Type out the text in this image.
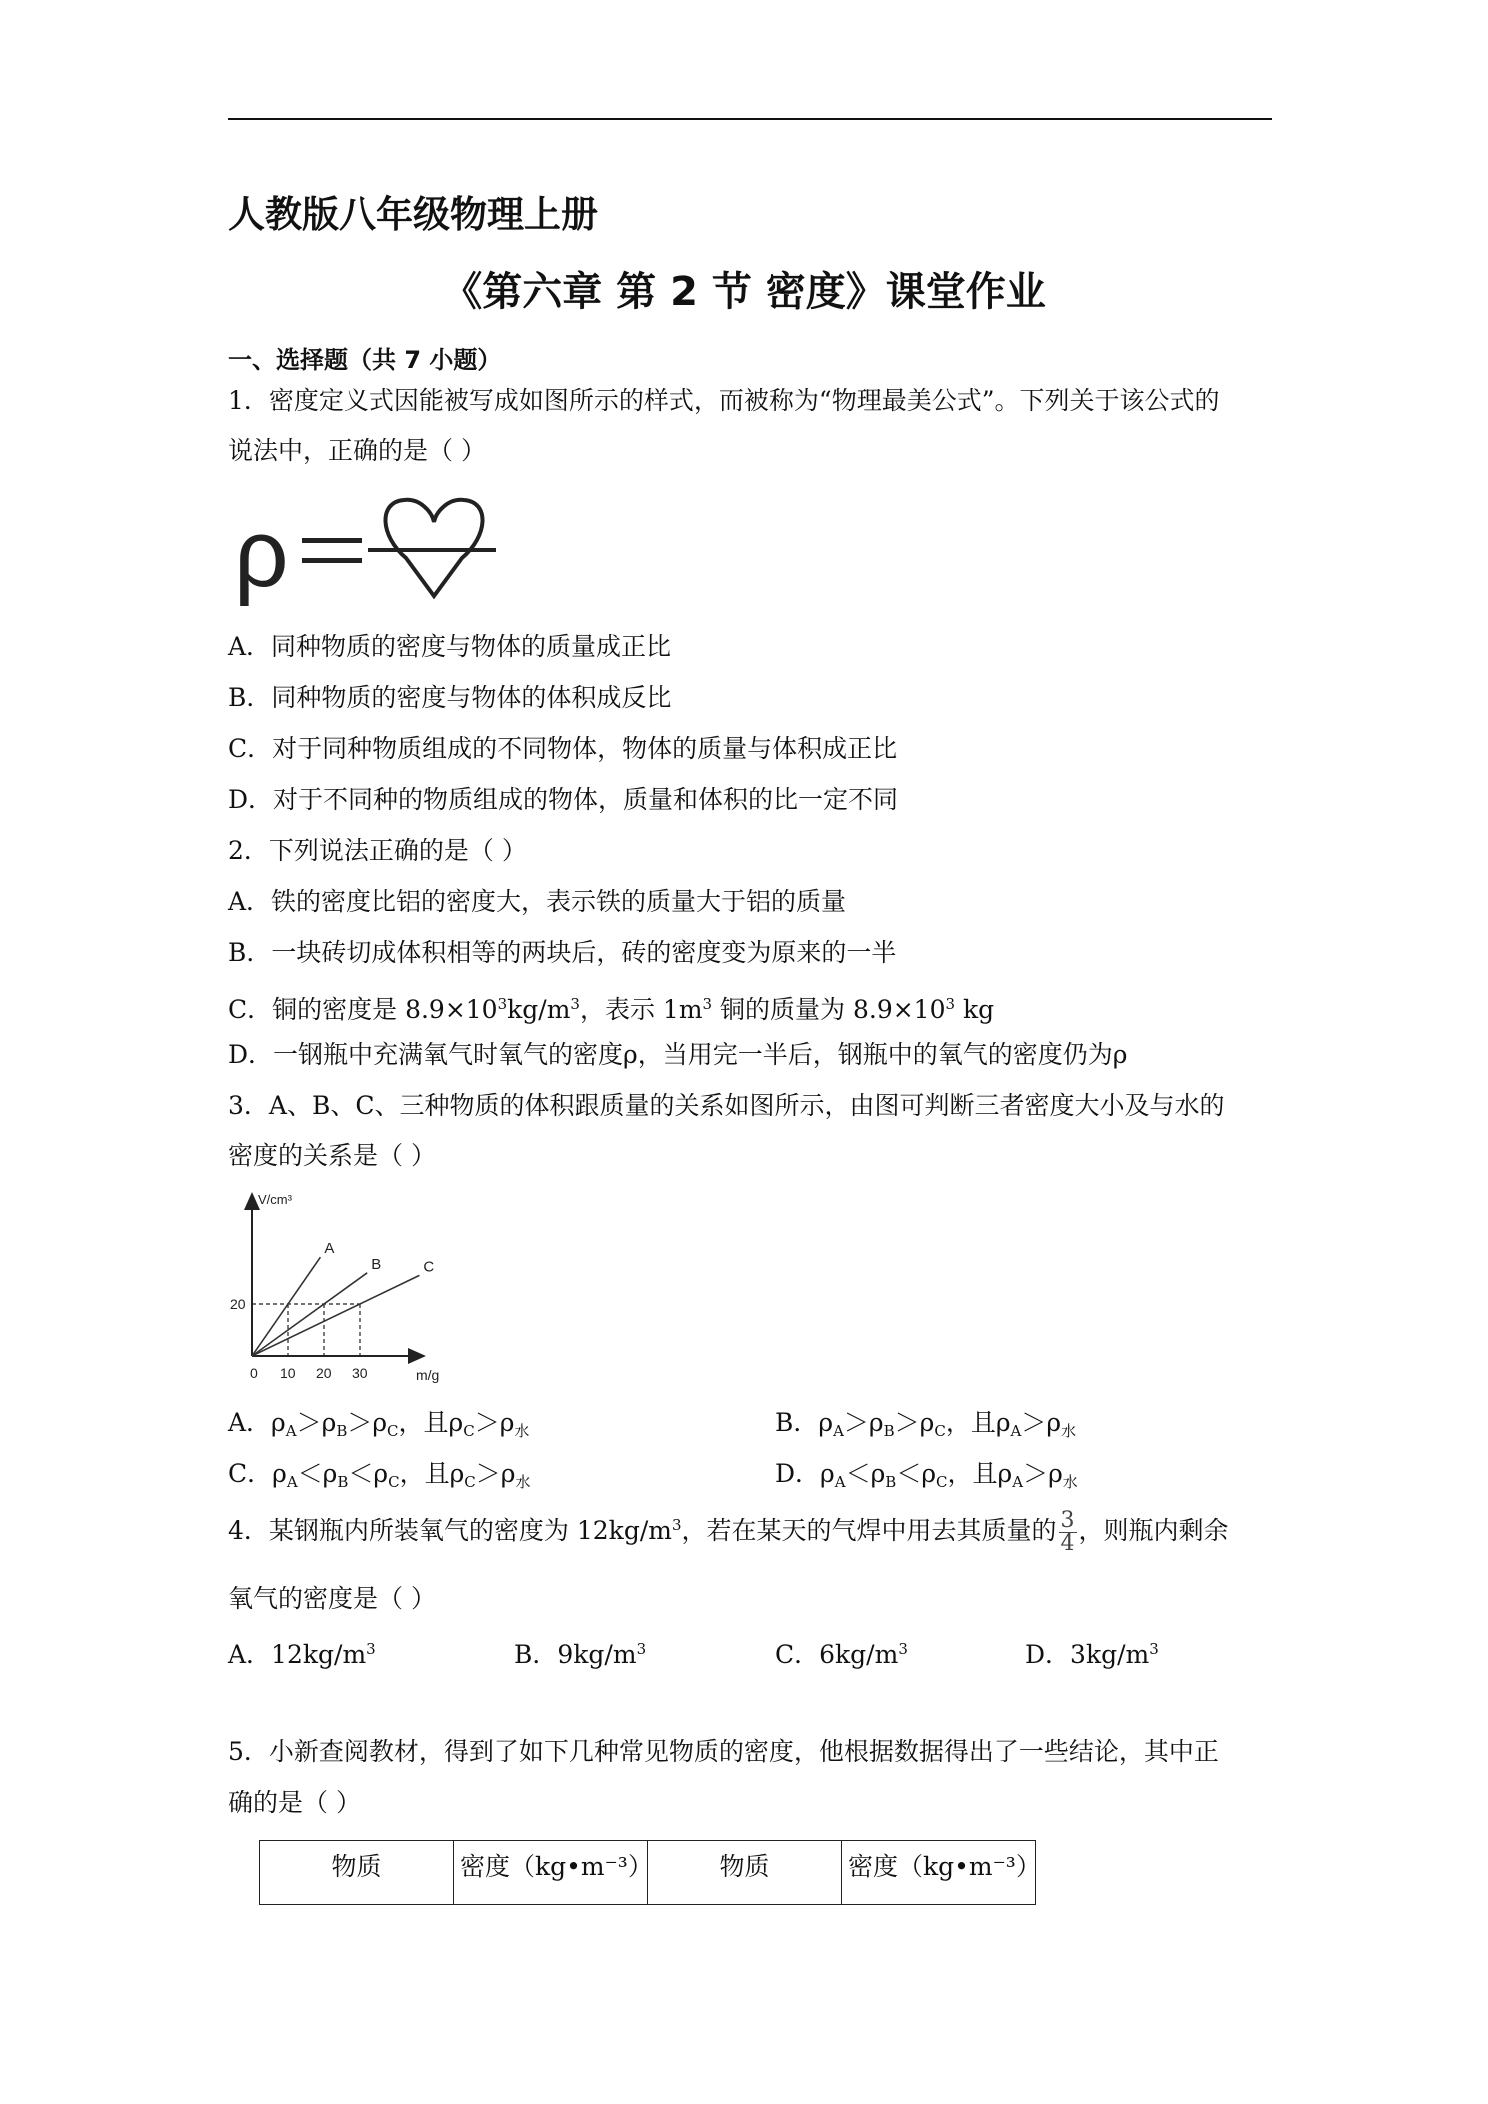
人教版八年级物理上册
《第六章 第 2 节 密度》课堂作业
一、选择题（共 7 小题）
1．密度定义式因能被写成如图所示的样式，而被称为“物理最美公式”。下列关于该公式的
说法中，正确的是（ ）
ρ
A．同种物质的密度与物体的质量成正比
B．同种物质的密度与物体的体积成反比
C．对于同种物质组成的不同物体，物体的质量与体积成正比
D．对于不同种的物质组成的物体，质量和体积的比一定不同
2．下列说法正确的是（ ）
A．铁的密度比铝的密度大，表示铁的质量大于铝的质量
B．一块砖切成体积相等的两块后，砖的密度变为原来的一半
C．铜的密度是 $8.9\times 10^3kg/m^3$，表示 $1m^3$ 铜的质量为 $8.9\times 10^3$ kg
D．一钢瓶中充满氧气时氧气的密度ρ，当用完一半后，钢瓶中的氧气的密度仍为ρ
3．A、B、C、三种物质的体积跟质量的关系如图所示，由图可判断三者密度大小及与水的
密度的关系是（ ）
V/cm³
m/g
20
0 10 20 30
A
B	C
A．$\rho_A>\rho_B>\rho_C$，且$\rho_C>\rho_水$	B．$\rho_A>\rho_B>\rho_C$，且$\rho_A>\rho_水$
C．$\rho_A<\rho_B<\rho_C$，且$\rho_C>\rho_水$	D．$\rho_A<\rho_B<\rho_C$，且$\rho_A>\rho_水$
4．某钢瓶内所装氧气的密度为 $12kg/m^3$，若在某天的气焊中用去其质量的 $\frac{3}{4}$ ，则瓶内剩余
氧气的密度是（ ）
A．$12kg/m^3$	B．$9kg/m^3$	C．$6kg/m^3$	D．$3kg/m^3$
5．小新查阅教材，得到了如下几种常见物质的密度，他根据数据得出了一些结论，其中正
确的是（ ）
物质	密度（kg•m⁻³）	物质	密度（kg•m⁻³）
